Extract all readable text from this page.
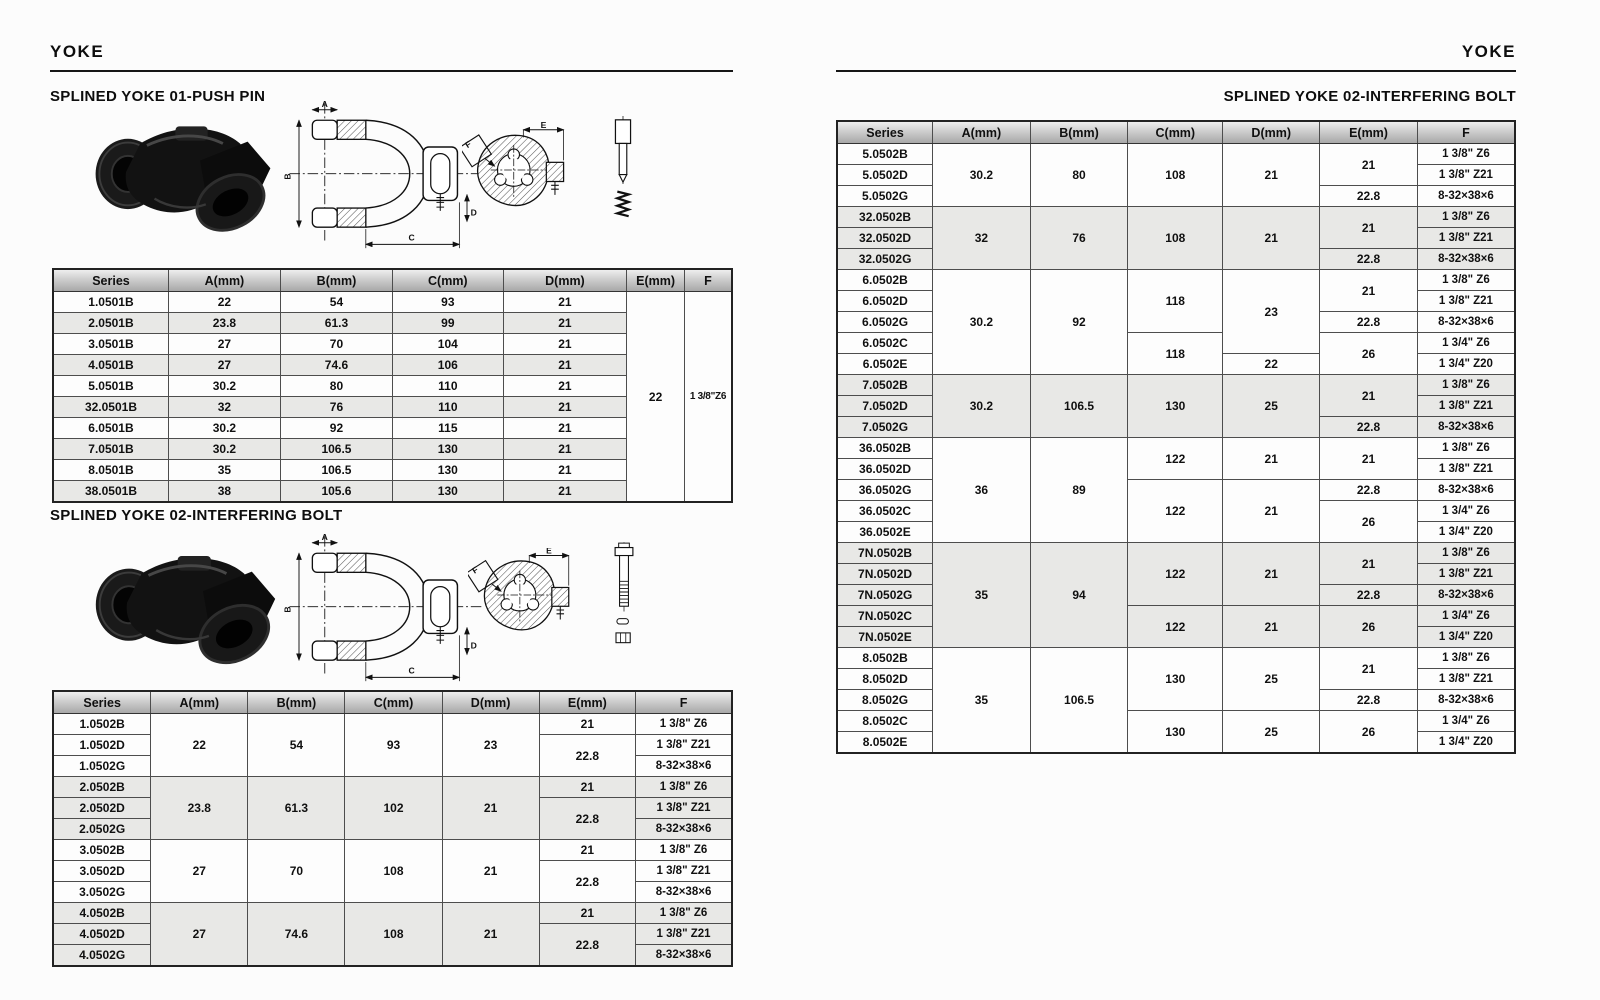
YOKE	YOKE
SPLINED YOKE 01-PUSH PIN
Series	A(mm)	B(mm)	C(mm)	D(mm)	E(mm)	F
1.0501B	22	54	93	21	22	1 3/8"Z6
2.0501B	23.8	61.3	99	21		
3.0501B	27	70	104	21		
4.0501B	27	74.6	106	21		
5.0501B	30.2	80	110	21		
32.0501B	32	76	110	21		
6.0501B	30.2	92	115	21		
7.0501B	30.2	106.5	130	21		
8.0501B	35	106.5	130	21		
38.0501B	38	105.6	130	21		
SPLINED YOKE 02-INTERFERING BOLT
Series	A(mm)	B(mm)	C(mm)	D(mm)	E(mm)	F
1.0502B	22	54	93	23	21	1 3/8" Z6
1.0502D					22.8	1 3/8" Z21
1.0502G						8-32×38×6
2.0502B	23.8	61.3	102	21	21	1 3/8" Z6
2.0502D					22.8	1 3/8" Z21
2.0502G						8-32×38×6
3.0502B	27	70	108	21	21	1 3/8" Z6
3.0502D					22.8	1 3/8" Z21
3.0502G						8-32×38×6
4.0502B	27	74.6	108	21	21	1 3/8" Z6
4.0502D					22.8	1 3/8" Z21
4.0502G						8-32×38×6
SPLINED YOKE 02-INTERFERING BOLT
Series	A(mm)	B(mm)	C(mm)	D(mm)	E(mm)	F
5.0502B	30.2	80	108	21	21	1 3/8" Z6
5.0502D						1 3/8" Z21
5.0502G					22.8	8-32×38×6
32.0502B	32	76	108	21	21	1 3/8" Z6
32.0502D						1 3/8" Z21
32.0502G					22.8	8-32×38×6
6.0502B	30.2	92	118	23	21	1 3/8" Z6
6.0502D						1 3/8" Z21
6.0502G					22.8	8-32×38×6
6.0502C			118		26	1 3/4" Z6
6.0502E				22		1 3/4" Z20
7.0502B	30.2	106.5	130	25	21	1 3/8" Z6
7.0502D						1 3/8" Z21
7.0502G					22.8	8-32×38×6
36.0502B	36	89	122	21	21	1 3/8" Z6
36.0502D						1 3/8" Z21
36.0502G			122	21	22.8	8-32×38×6
36.0502C					26	1 3/4" Z6
36.0502E						1 3/4" Z20
7N.0502B	35	94	122	21	21	1 3/8" Z6
7N.0502D						1 3/8" Z21
7N.0502G					22.8	8-32×38×6
7N.0502C			122	21	26	1 3/4" Z6
7N.0502E						1 3/4" Z20
8.0502B	35	106.5	130	25	21	1 3/8" Z6
8.0502D						1 3/8" Z21
8.0502G					22.8	8-32×38×6
8.0502C			130	25	26	1 3/4" Z6
8.0502E						1 3/4" Z20
